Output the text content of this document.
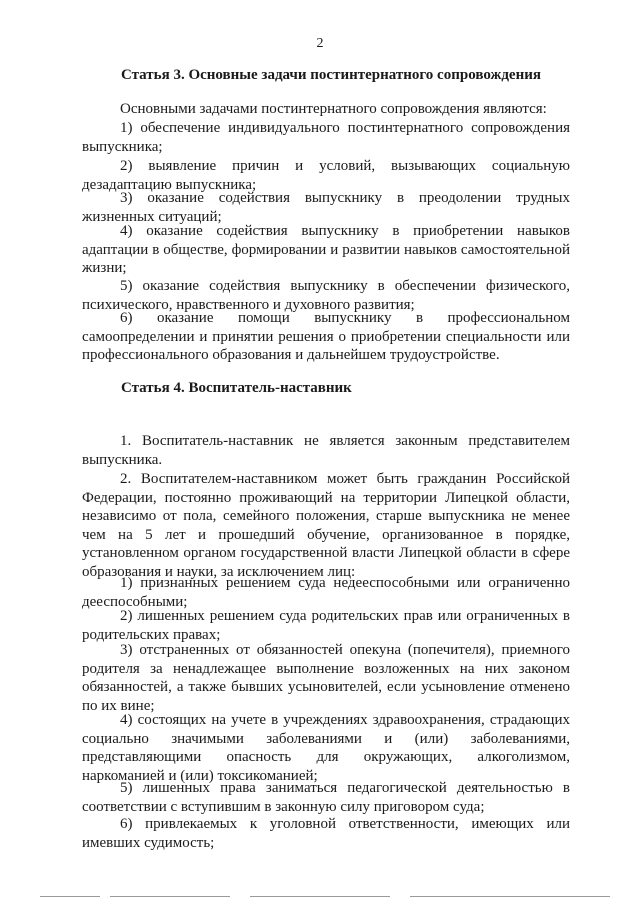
2
Статья 3. Основные задачи постинтернатного сопровождения
Основными задачами постинтернатного сопровождения являются:
1) обеспечение индивидуального постинтернатного сопровождения выпускника;
2) выявление причин и условий, вызывающих социальную дезадаптацию выпускника;
3) оказание содействия выпускнику в преодолении трудных жизненных ситуаций;
4) оказание содействия выпускнику в приобретении навыков адаптации в обществе, формировании и развитии навыков самостоятельной жизни;
5) оказание содействия выпускнику в обеспечении физического, психического, нравственного и духовного развития;
6) оказание помощи выпускнику в профессиональном самоопределении и принятии решения о приобретении специальности или профессионального образования и дальнейшем трудоустройстве.
Статья 4. Воспитатель-наставник
1. Воспитатель-наставник не является законным представителем выпускника.
2. Воспитателем-наставником может быть гражданин Российской Федерации, постоянно проживающий на территории Липецкой области, независимо от пола, семейного положения, старше выпускника не менее чем на 5 лет и прошедший обучение, организованное в порядке, установленном органом государственной власти Липецкой области в сфере образования и науки, за исключением лиц:
1) признанных решением суда недееспособными или ограниченно дееспособными;
2) лишенных решением суда родительских прав или ограниченных в родительских правах;
3) отстраненных от обязанностей опекуна (попечителя), приемного родителя за ненадлежащее выполнение возложенных на них законом обязанностей, а также бывших усыновителей, если усыновление отменено по их вине;
4) состоящих на учете в учреждениях здравоохранения, страдающих социально значимыми заболеваниями и (или) заболеваниями, представляющими опасность для окружающих, алкоголизмом, наркоманией и (или) токсикоманией;
5) лишенных права заниматься педагогической деятельностью в соответствии с вступившим в законную силу приговором суда;
6) привлекаемых к уголовной ответственности, имеющих или имевших судимость;
